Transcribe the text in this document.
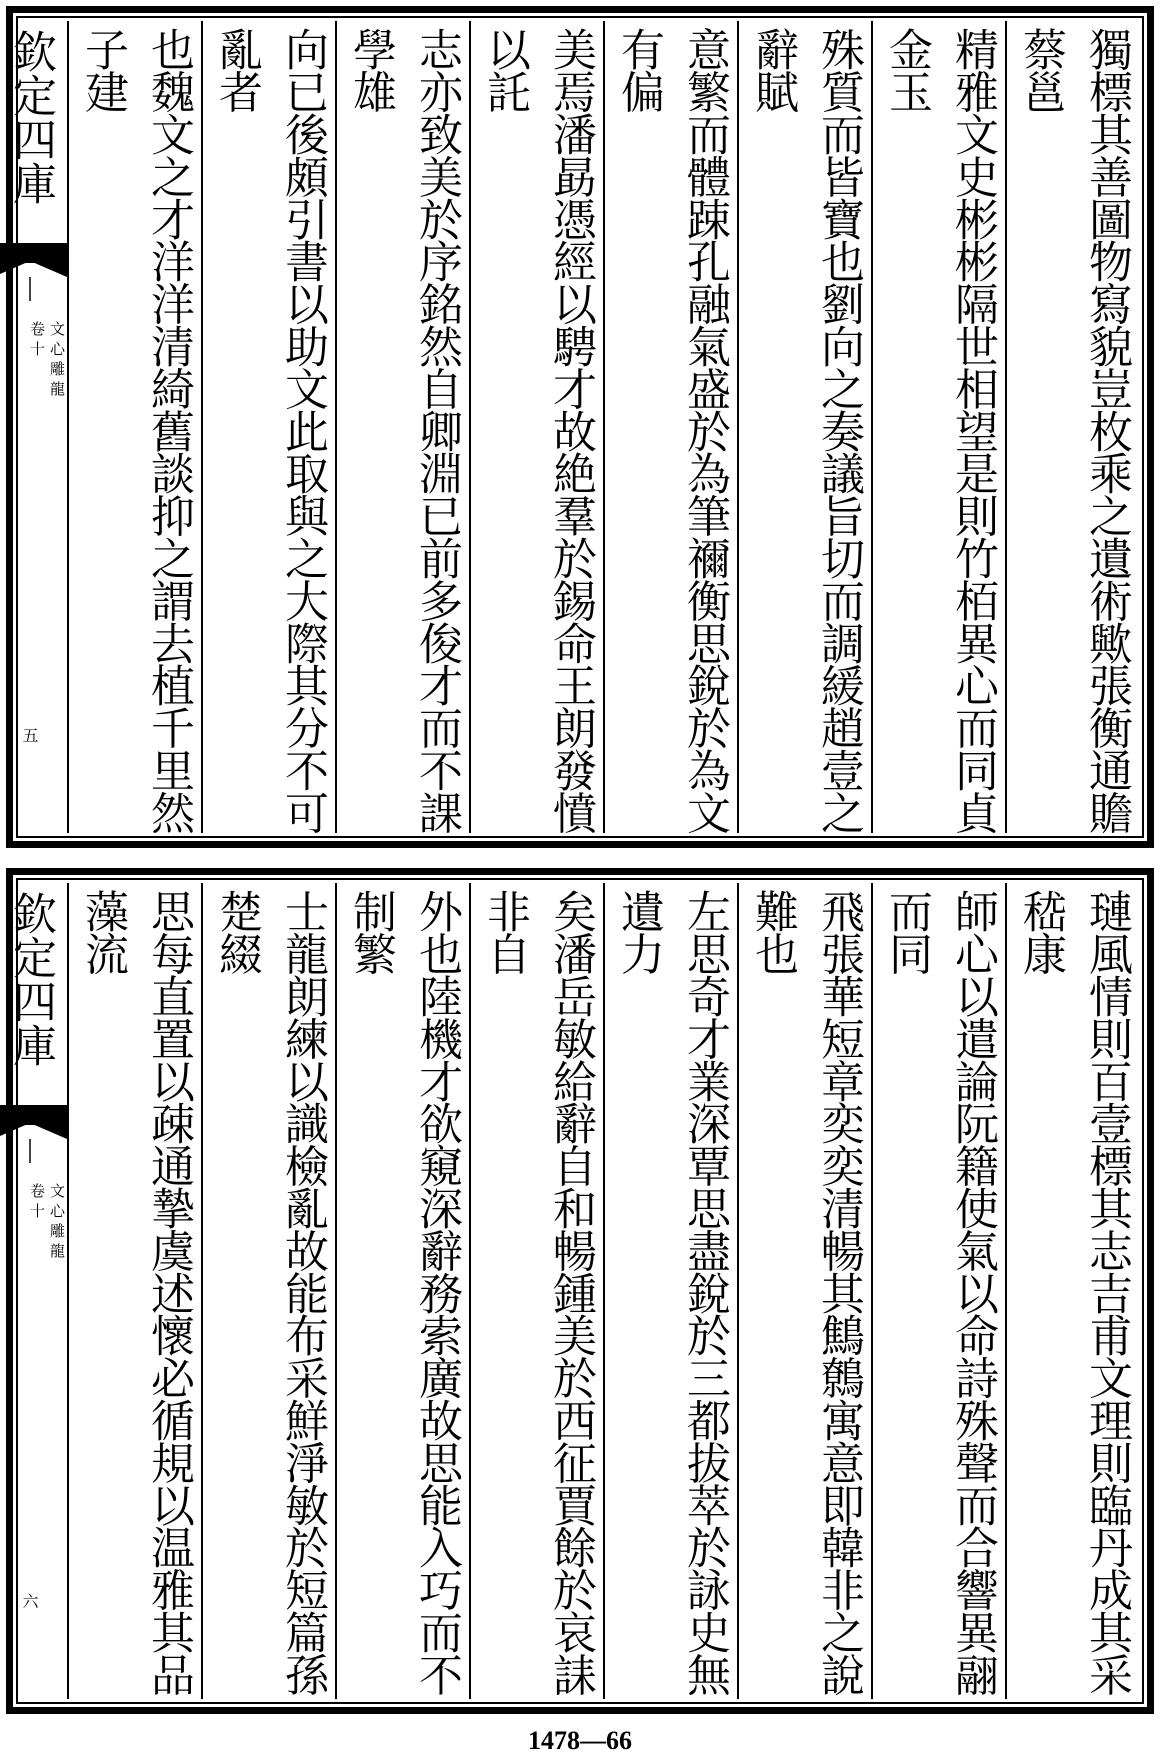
獨標其善圖物寫貌豈枚乘之遺術歟張衡通贍蔡邕
精雅文史彬彬隔世相望是則竹栢異心而同貞金玉
殊質而皆寶也劉向之奏議旨切而調緩趙壹之辭賦
意繁而體踈孔融氣盛於為筆禰衡思銳於為文有偏
美焉潘勗憑經以騁才故絶羣於錫命王朗發憤以託
志亦致美於序銘然自卿淵已前多俊才而不課學雄
向已後頗引書以助文此取與之大際其分不可亂者
也魏文之才洋洋清綺舊談抑之謂去植千里然子建
欽定四庫
文心雕龍
卷十
五
璉風情則百壹標其志吉甫文理則臨丹成其采嵇康
師心以遣論阮籍使氣以命詩殊聲而合響異翮而同
飛張華短章奕奕清暢其鷦鷯寓意即韓非之說難也
左思奇才業深覃思盡銳於三都拔萃於詠史無遺力
矣潘岳敏給辭自和暢鍾美於西征賈餘於哀誄非自
外也陸機才欲窺深辭務索廣故思能入巧而不制繁
士龍朗練以識檢亂故能布采鮮淨敏於短篇孫楚綴
思每直置以疎通摯虞述懷必循規以温雅其品藻流
欽定四庫
文心雕龍
卷十
六
1478—66
